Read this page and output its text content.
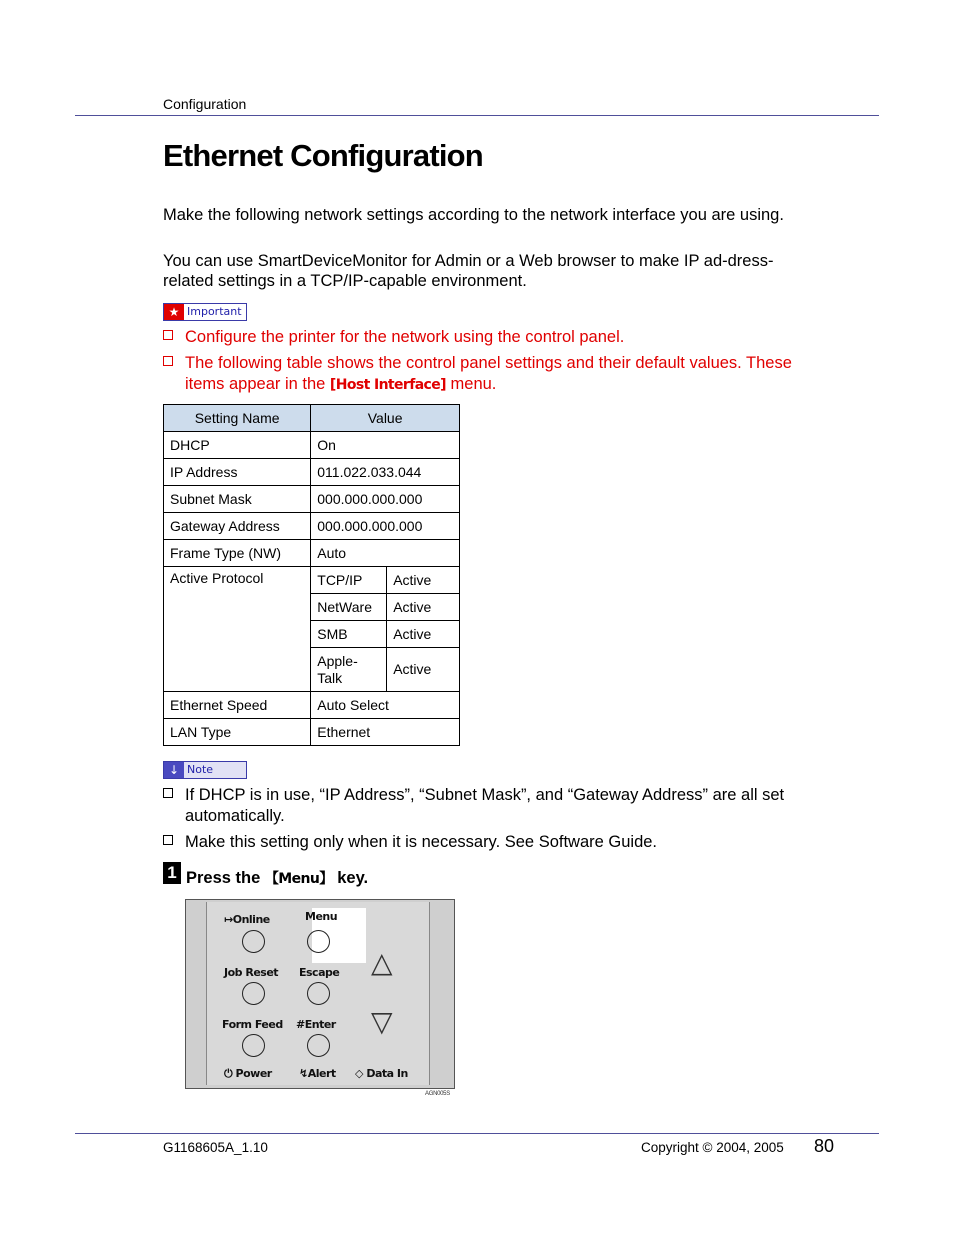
Configuration
Ethernet Configuration

Make the following network settings according to the network interface you are using.

You can use SmartDeviceMonitor for Admin or a Web browser to make IP ad-dress-related settings in a TCP/IP-capable environment.

★ Important
Configure the printer for the network using the control panel.
The following table shows the control panel settings and their default values. These items appear in the [Host Interface] menu.
Setting Name	Value	
DHCP	On	
IP Address	011.022.033.044	
Subnet Mask	000.000.000.000	
Gateway Address	000.000.000.000	
Frame Type (NW)	Auto	
Active Protocol	TCP/IP	Active
	NetWare	Active
	SMB	Active
	Apple-Talk	Active
Ethernet Speed	Auto Select	
LAN Type	Ethernet	
↓ Note
If DHCP is in use, “IP Address”, “Subnet Mask”, and “Gateway Address” are all set automatically.
Make this setting only when it is necessary. See Software Guide.
1 Press the 【Menu】 key.
↦Online	Menu
Job Reset Escape
Form Feed #Enter
△
▽
⏻ Power ↯Alert ◇ Data In
AGN005S
G1168605A_1.10	Copyright © 2004, 2005 80
